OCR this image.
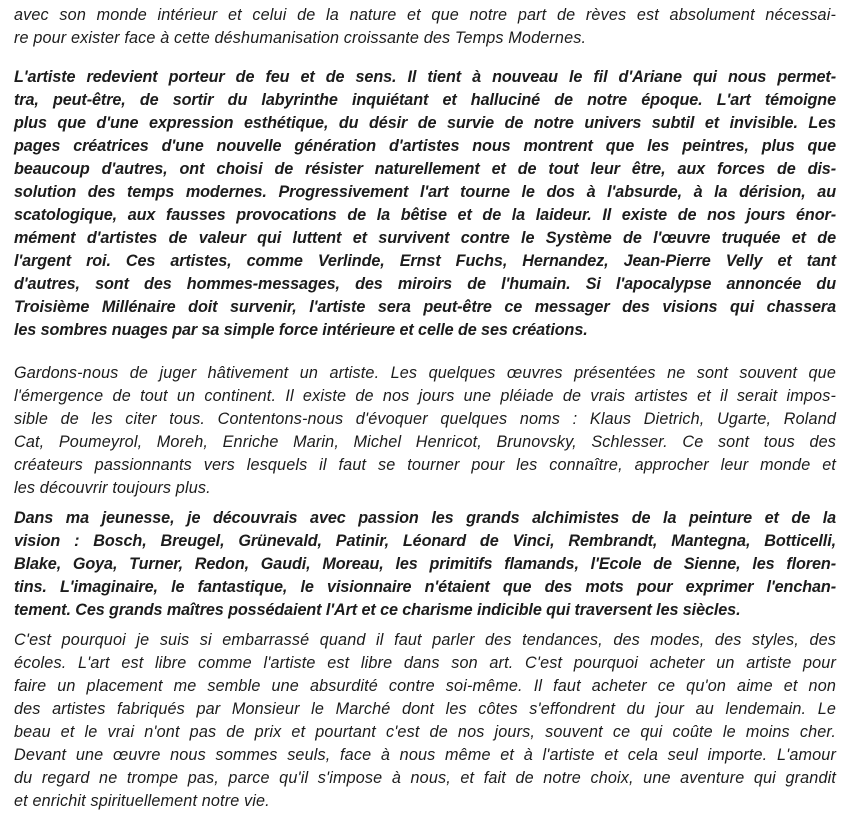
avec son monde intérieur et celui de la nature et que notre part de rèves est absolument nécessai-
re pour exister face à cette déshumanisation croissante des Temps Modernes.
L'artiste redevient porteur de feu et de sens. Il tient à nouveau le fil d'Ariane qui nous permet-
tra, peut-être, de sortir du labyrinthe inquiétant et halluciné de notre époque. L'art témoigne
plus que d'une expression esthétique, du désir de survie de notre univers subtil et invisible. Les
pages créatrices d'une nouvelle génération d'artistes nous montrent que les peintres, plus que
beaucoup d'autres, ont choisi de résister naturellement et de tout leur être, aux forces de dis-
solution des temps modernes. Progressivement l'art tourne le dos à l'absurde, à la dérision, au
scatologique, aux fausses provocations de la bêtise et de la laideur. Il existe de nos jours énor-
mément d'artistes de valeur qui luttent et survivent contre le Système de l'œuvre truquée et de
l'argent roi. Ces artistes, comme Verlinde, Ernst Fuchs, Hernandez, Jean-Pierre Velly et tant
d'autres, sont des hommes-messages, des miroirs de l'humain. Si l'apocalypse annoncée du
Troisième Millénaire doit survenir, l'artiste sera peut-être ce messager des visions qui chassera
les sombres nuages par sa simple force intérieure et celle de ses créations.
Gardons-nous de juger hâtivement un artiste. Les quelques œuvres présentées ne sont souvent que
l'émergence de tout un continent. Il existe de nos jours une pléiade de vrais artistes et il serait impos-
sible de les citer tous. Contentons-nous d'évoquer quelques noms : Klaus Dietrich, Ugarte, Roland
Cat, Poumeyrol, Moreh, Enriche Marin, Michel Henricot, Brunovsky, Schlesser. Ce sont tous des
créateurs passionnants vers lesquels il faut se tourner pour les connaître, approcher leur monde et
les découvrir toujours plus.
Dans ma jeunesse, je découvrais avec passion les grands alchimistes de la peinture et de la
vision : Bosch, Breugel, Grünevald, Patinir, Léonard de Vinci, Rembrandt, Mantegna, Botticelli,
Blake, Goya, Turner, Redon, Gaudi, Moreau, les primitifs flamands, l'Ecole de Sienne, les floren-
tins. L'imaginaire, le fantastique, le visionnaire n'étaient que des mots pour exprimer l'enchan-
tement. Ces grands maîtres possédaient l'Art et ce charisme indicible qui traversent les siècles.
C'est pourquoi je suis si embarrassé quand il faut parler des tendances, des modes, des styles, des
écoles. L'art est libre comme l'artiste est libre dans son art. C'est pourquoi acheter un artiste pour
faire un placement me semble une absurdité contre soi-même. Il faut acheter ce qu'on aime et non
des artistes fabriqués par Monsieur le Marché dont les côtes s'effondrent du jour au lendemain. Le
beau et le vrai n'ont pas de prix et pourtant c'est de nos jours, souvent ce qui coûte le moins cher.
Devant une œuvre nous sommes seuls, face à nous même et à l'artiste et cela seul importe. L'amour
du regard ne trompe pas, parce qu'il s'impose à nous, et fait de notre choix, une aventure qui grandit
et enrichit spirituellement notre vie.
